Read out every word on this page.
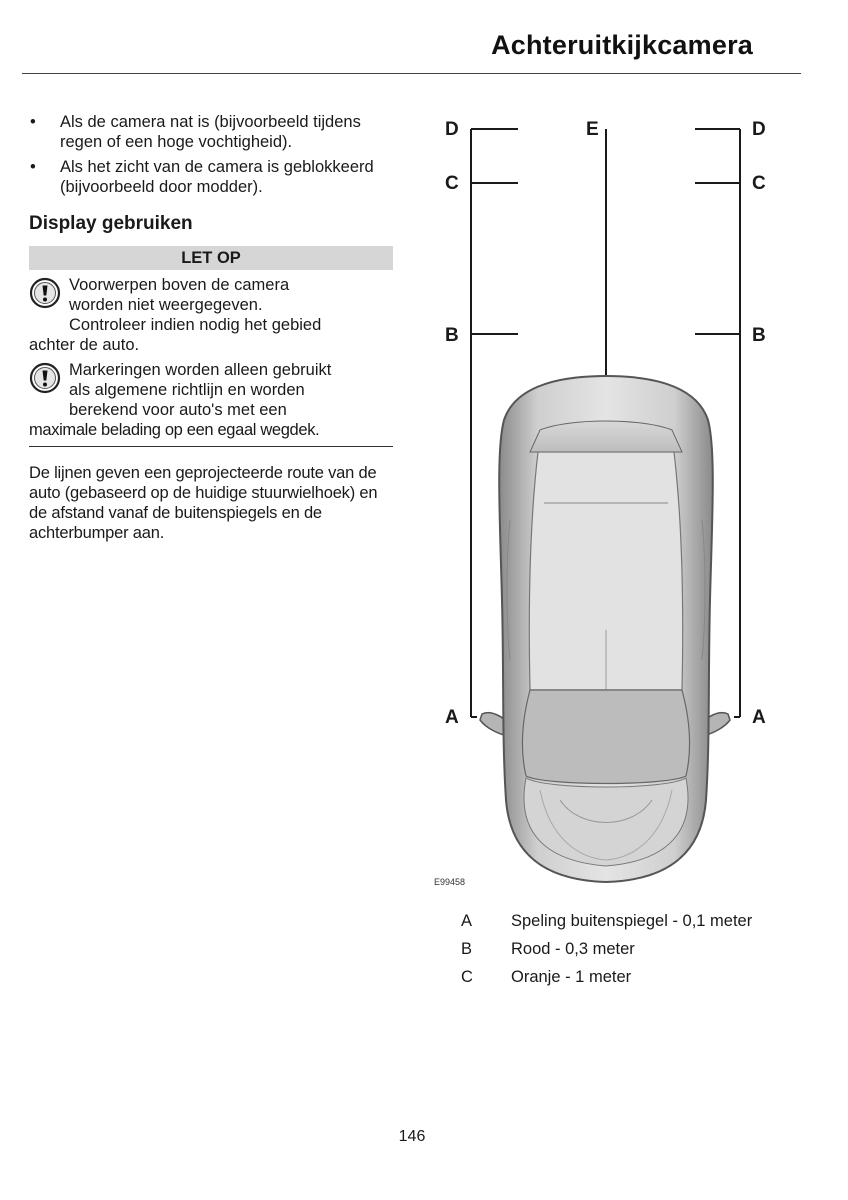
Achteruitkijkcamera
• Als de camera nat is (bijvoorbeeld tijdens regen of een hoge vochtigheid).
• Als het zicht van de camera is geblokkeerd (bijvoorbeeld door modder).
Display gebruiken
LET OP
Voorwerpen boven de camera
worden niet weergegeven.
Controleer indien nodig het gebied
achter de auto.
Markeringen worden alleen gebruikt
als algemene richtlijn en worden
berekend voor auto's met een
maximale belading op een egaal wegdek.

De lijnen geven een geprojecteerde route van de auto (gebaseerd op de huidige stuurwielhoek) en de afstand vanaf de buitenspiegels en de achterbumper aan.

D	D
E
C	C
B	B
A	A
E99458
A Speling buitenspiegel - 0,1 meter
B Rood - 0,3 meter
C Oranje - 1 meter
146
